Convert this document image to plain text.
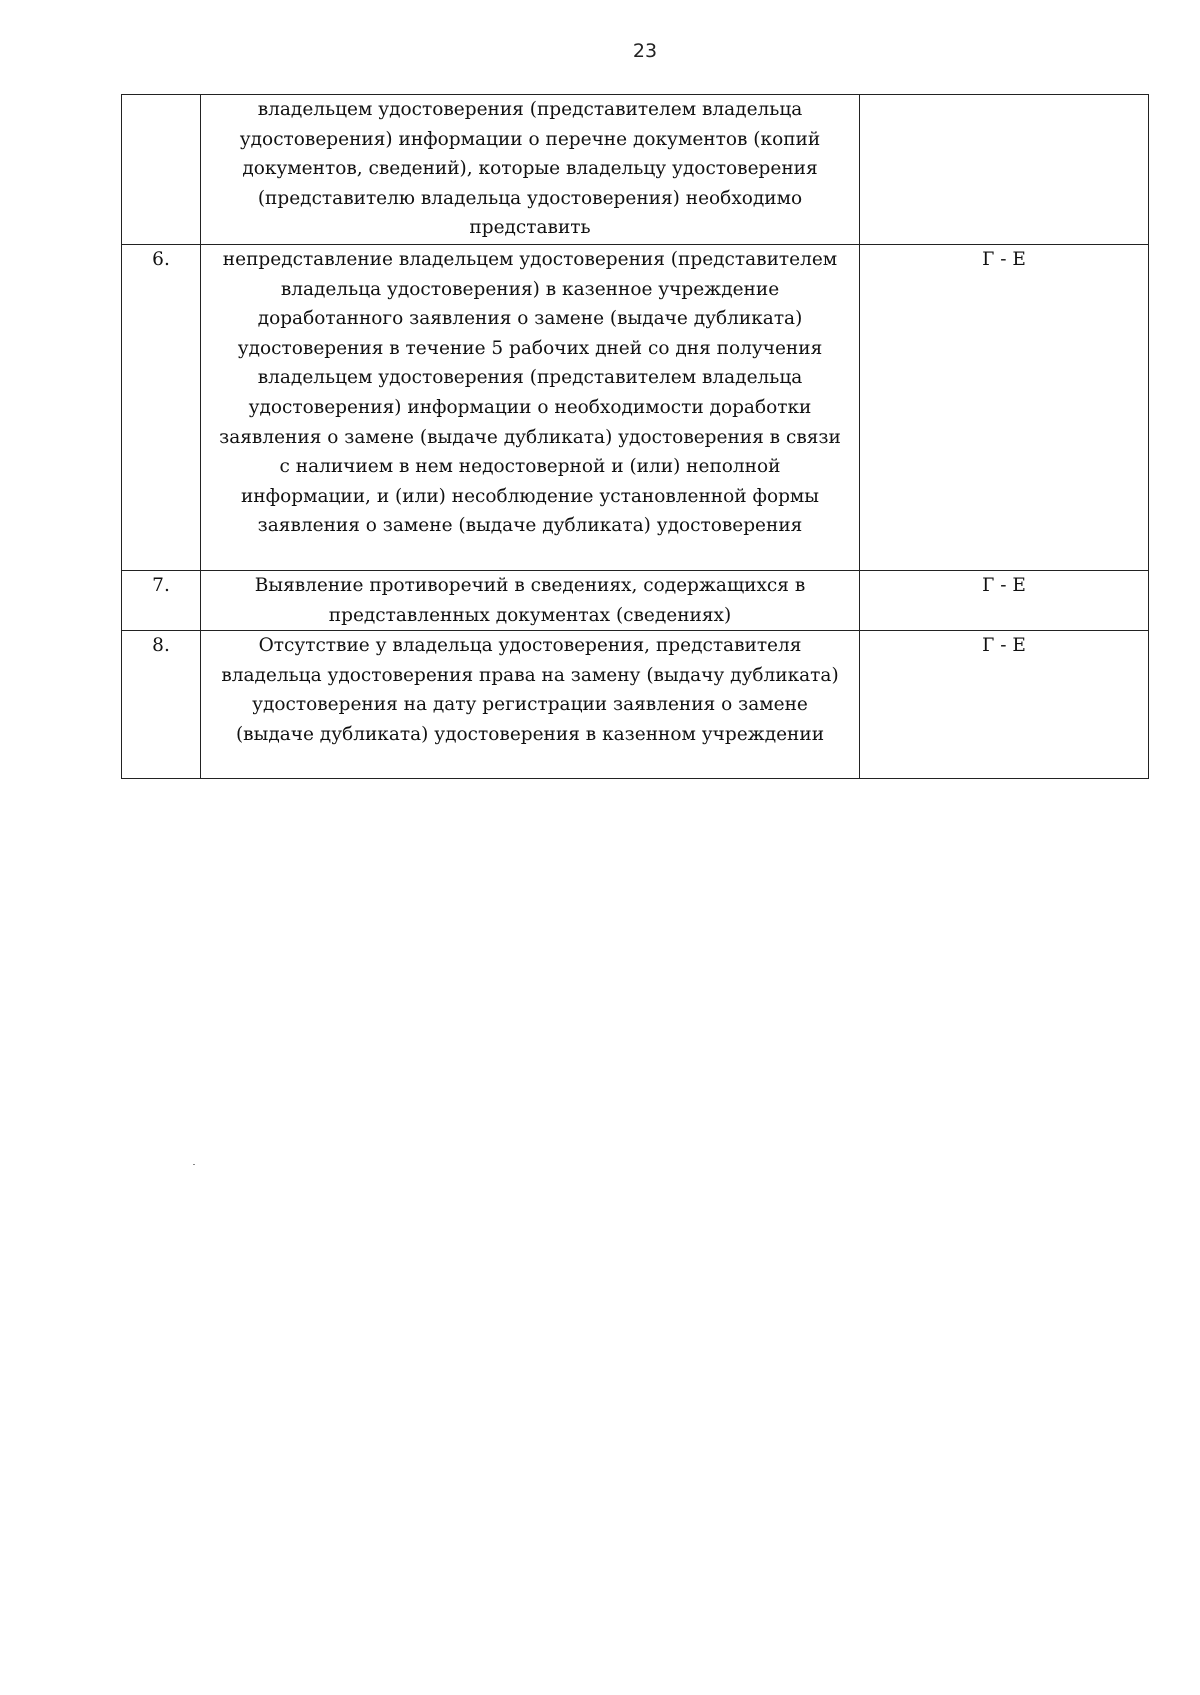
23
	владельцем удостоверения (представителем владельца удостоверения) информации о перечне документов (копий документов, сведений), которые владельцу удостоверения (представителю владельца удостоверения) необходимо представить	
6.	непредставление владельцем удостоверения (представителем владельца удостоверения) в казенное учреждение доработанного заявления о замене (выдаче дубликата) удостоверения в течение 5 рабочих дней со дня получения владельцем удостоверения (представителем владельца удостоверения) информации о необходимости доработки заявления о замене (выдаче дубликата) удостоверения в связи с наличием в нем недостоверной и (или) неполной информации, и (или) несоблюдение установленной формы заявления о замене (выдаче дубликата) удостоверения	Г - Е
7.	Выявление противоречий в сведениях, содержащихся в представленных документах (сведениях)	Г - Е
8.	Отсутствие у владельца удостоверения, представителя владельца удостоверения права на замену (выдачу дубликата) удостоверения на дату регистрации заявления о замене (выдаче дубликата) удостоверения в казенном учреждении	Г - Е
